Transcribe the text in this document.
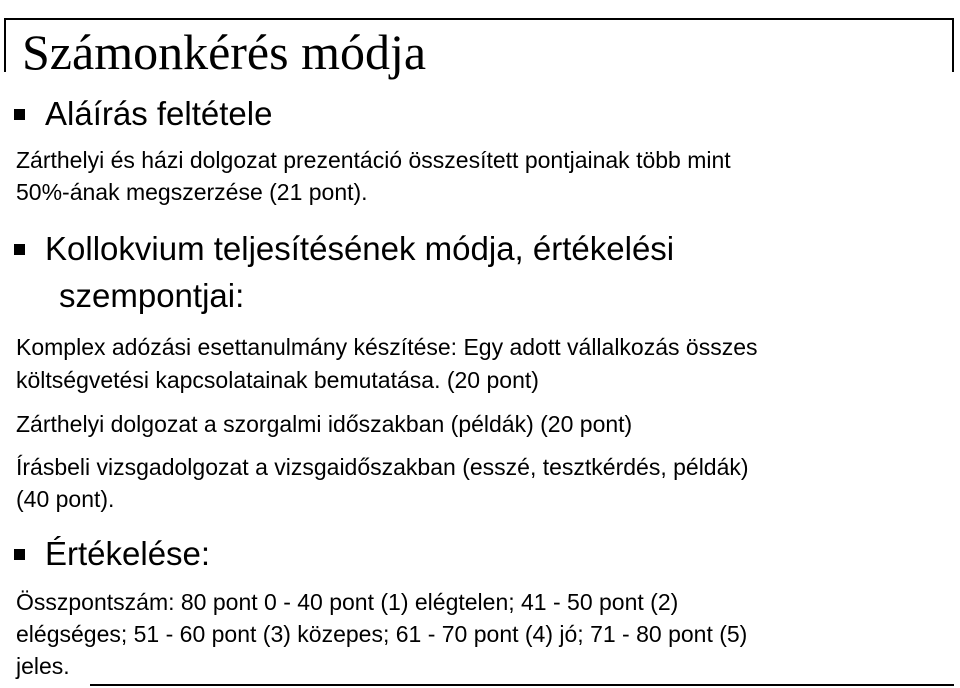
Számonkérés módja
Aláírás feltétele
Zárthelyi és házi dolgozat prezentáció összesített pontjainak több mint
50%-ának megszerzése (21 pont).
Kollokvium teljesítésének módja, értékelési
szempontjai:
Komplex adózási esettanulmány készítése: Egy adott vállalkozás összes
költségvetési kapcsolatainak bemutatása. (20 pont)
Zárthelyi dolgozat a szorgalmi időszakban (példák) (20 pont)
Írásbeli vizsgadolgozat a vizsgaidőszakban (esszé, tesztkérdés, példák)
(40 pont).
Értékelése:
Összpontszám: 80 pont 0 - 40 pont (1) elégtelen; 41 - 50 pont (2)
elégséges; 51 - 60 pont (3) közepes; 61 - 70 pont (4) jó; 71 - 80 pont (5)
jeles.
